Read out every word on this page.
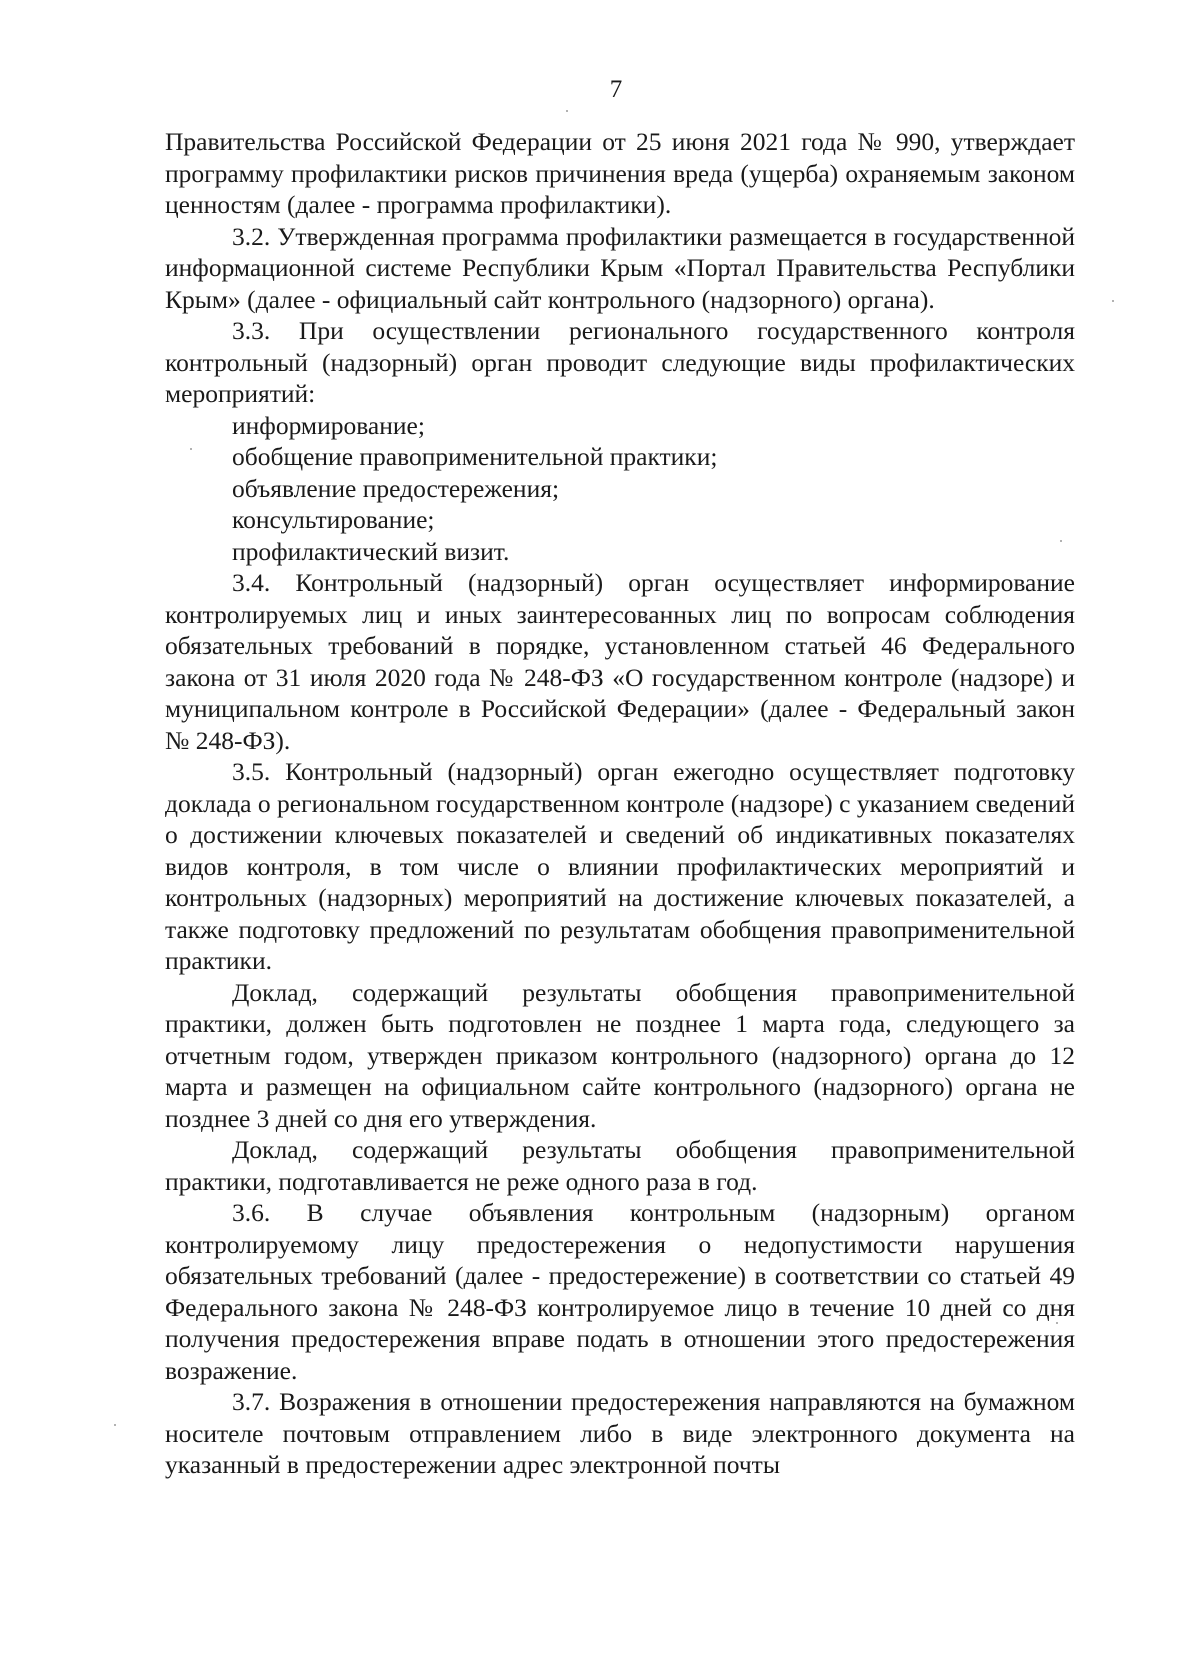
7

Правительства Российской Федерации от 25 июня 2021 года № 990, утверждает программу профилактики рисков причинения вреда (ущерба) охраняемым законом ценностям (далее - программа профилактики).

3.2. Утвержденная программа профилактики размещается в государственной информационной системе Республики Крым «Портал Правительства Республики Крым» (далее - официальный сайт контрольного (надзорного) органа).

3.3. При осуществлении регионального государственного контроля контрольный (надзорный) орган проводит следующие виды профилактических мероприятий:

информирование;

обобщение правоприменительной практики;

объявление предостережения;

консультирование;

профилактический визит.

3.4. Контрольный (надзорный) орган осуществляет информирование контролируемых лиц и иных заинтересованных лиц по вопросам соблюдения обязательных требований в порядке, установленном статьей 46 Федерального закона от 31 июля 2020 года № 248-ФЗ «О государственном контроле (надзоре) и муниципальном контроле в Российской Федерации» (далее - Федеральный закон № 248-ФЗ).

3.5. Контрольный (надзорный) орган ежегодно осуществляет подготовку доклада о региональном государственном контроле (надзоре) с указанием сведений о достижении ключевых показателей и сведений об индикативных показателях видов контроля, в том числе о влиянии профилактических мероприятий и контрольных (надзорных) мероприятий на достижение ключевых показателей, а также подготовку предложений по результатам обобщения правоприменительной практики.

Доклад, содержащий результаты обобщения правоприменительной практики, должен быть подготовлен не позднее 1 марта года, следующего за отчетным годом, утвержден приказом контрольного (надзорного) органа до 12 марта и размещен на официальном сайте контрольного (надзорного) органа не позднее 3 дней со дня его утверждения.

Доклад, содержащий результаты обобщения правоприменительной практики, подготавливается не реже одного раза в год.

3.6. В случае объявления контрольным (надзорным) органом контролируемому лицу предостережения о недопустимости нарушения обязательных требований (далее - предостережение) в соответствии со статьей 49 Федерального закона № 248-ФЗ контролируемое лицо в течение 10 дней со дня получения предостережения вправе подать в отношении этого предостережения возражение.

3.7. Возражения в отношении предостережения направляются на бумажном носителе почтовым отправлением либо в виде электронного документа на указанный в предостережении адрес электронной почты
